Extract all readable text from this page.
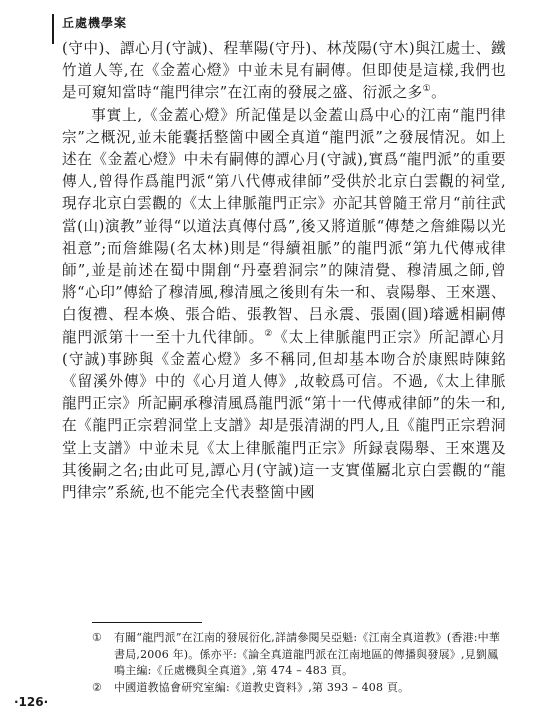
丘處機學案

(守中)、譚心月(守誠)、程華陽(守丹)、林茂陽(守木)與江處士、鐵竹道人等,在《金蓋心燈》中並未見有嗣傳。但即使是這樣,我們也是可窺知當時“龍門律宗”在江南的發展之盛、衍派之多①。

事實上,《金蓋心燈》所記僅是以金蓋山爲中心的江南“龍門律宗”之概況,並未能囊括整箇中國全真道“龍門派”之發展情況。如上述在《金蓋心燈》中未有嗣傳的譚心月(守誠),實爲“龍門派”的重要傳人,曾得作爲龍門派“第八代傳戒律師”受供於北京白雲觀的祠堂,現存北京白雲觀的《太上律脈龍門正宗》亦記其曾隨王常月“前往武當(山)演教”並得“以道法真傳付爲”,後又將道脈“傳楚之詹維陽以光祖意”;而詹維陽(名太林)則是“得續祖脈”的龍門派“第九代傳戒律師”,並是前述在蜀中開創“丹臺碧洞宗”的陳清覺、穆清風之師,曾將“心印”傳給了穆清風,穆清風之後則有朱一和、袁陽舉、王來選、白復禮、程本煥、張合皓、張教智、吕永震、張園(圓)璿遞相嗣傳龍門派第十一至十九代律師。②《太上律脈龍門正宗》所記譚心月(守誠)事跡與《金蓋心燈》多不稱同,但却基本吻合於康熙時陳銘《留溪外傳》中的《心月道人傳》,故較爲可信。不過,《太上律脈龍門正宗》所記嗣承穆清風爲龍門派“第十一代傳戒律師”的朱一和,在《龍門正宗碧洞堂上支譜》却是張清湖的門人,且《龍門正宗碧洞堂上支譜》中並未見《太上律脈龍門正宗》所録袁陽舉、王來選及其後嗣之名;由此可見,譚心月(守誠)這一支實僅屬北京白雲觀的“龍門律宗”系統,也不能完全代表整箇中國

①	有關“龍門派”在江南的發展衍化,詳請參閱吴亞魁:《江南全真道教》(香港:中華書局,2006 年)。係亦平:《論全真道龍門派在江南地區的傳播與發展》,見劉鳳鳴主編:《丘處機與全真道》,第 474 – 483 頁。
②	中國道教協會研究室編:《道教史資料》,第 393 – 408 頁。
·126·
